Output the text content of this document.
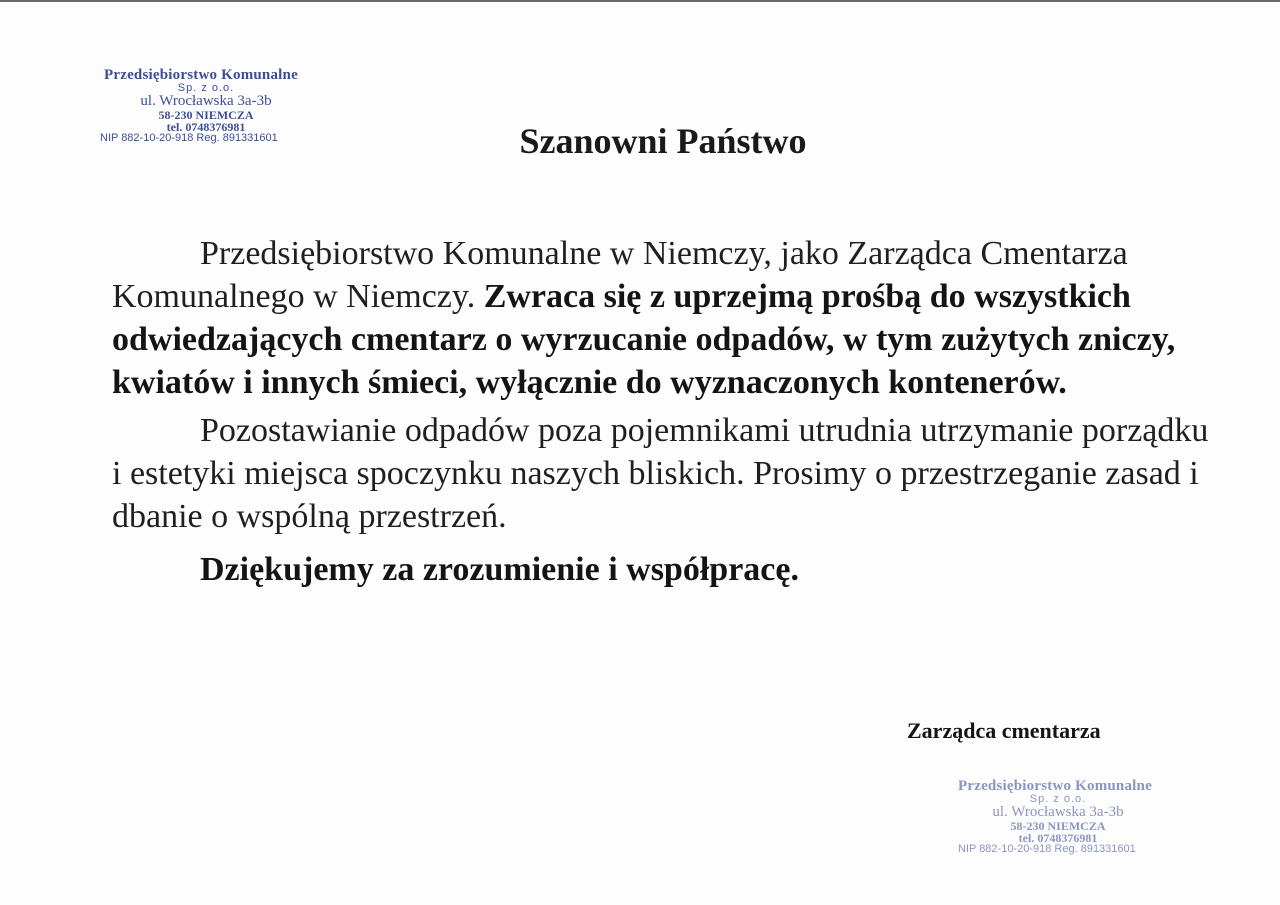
Przedsiębiorstwo Komunalne
Sp. z o.o.
ul. Wrocławska 3a-3b
58-230 NIEMCZA
tel. 0748376981
NIP 882-10-20-918 Reg. 891331601	Szanowni Państwo

Przedsiębiorstwo Komunalne w Niemczy, jako Zarządca Cmentarza Komunalnego w Niemczy. Zwraca się z uprzejmą prośbą do wszystkich odwiedzających cmentarz o wyrzucanie odpadów, w tym zużytych zniczy, kwiatów i innych śmieci, wyłącznie do wyznaczonych kontenerów.

Pozostawianie odpadów poza pojemnikami utrudnia utrzymanie porządku i estetyki miejsca spoczynku naszych bliskich. Prosimy o przestrzeganie zasad i dbanie o wspólną przestrzeń.

Dziękujemy za zrozumienie i współpracę.

Zarządca cmentarza

Przedsiębiorstwo Komunalne
Sp. z o.o.
ul. Wrocławska 3a-3b
58-230 NIEMCZA
tel. 0748376981
NIP 882-10-20-918 Reg. 891331601
